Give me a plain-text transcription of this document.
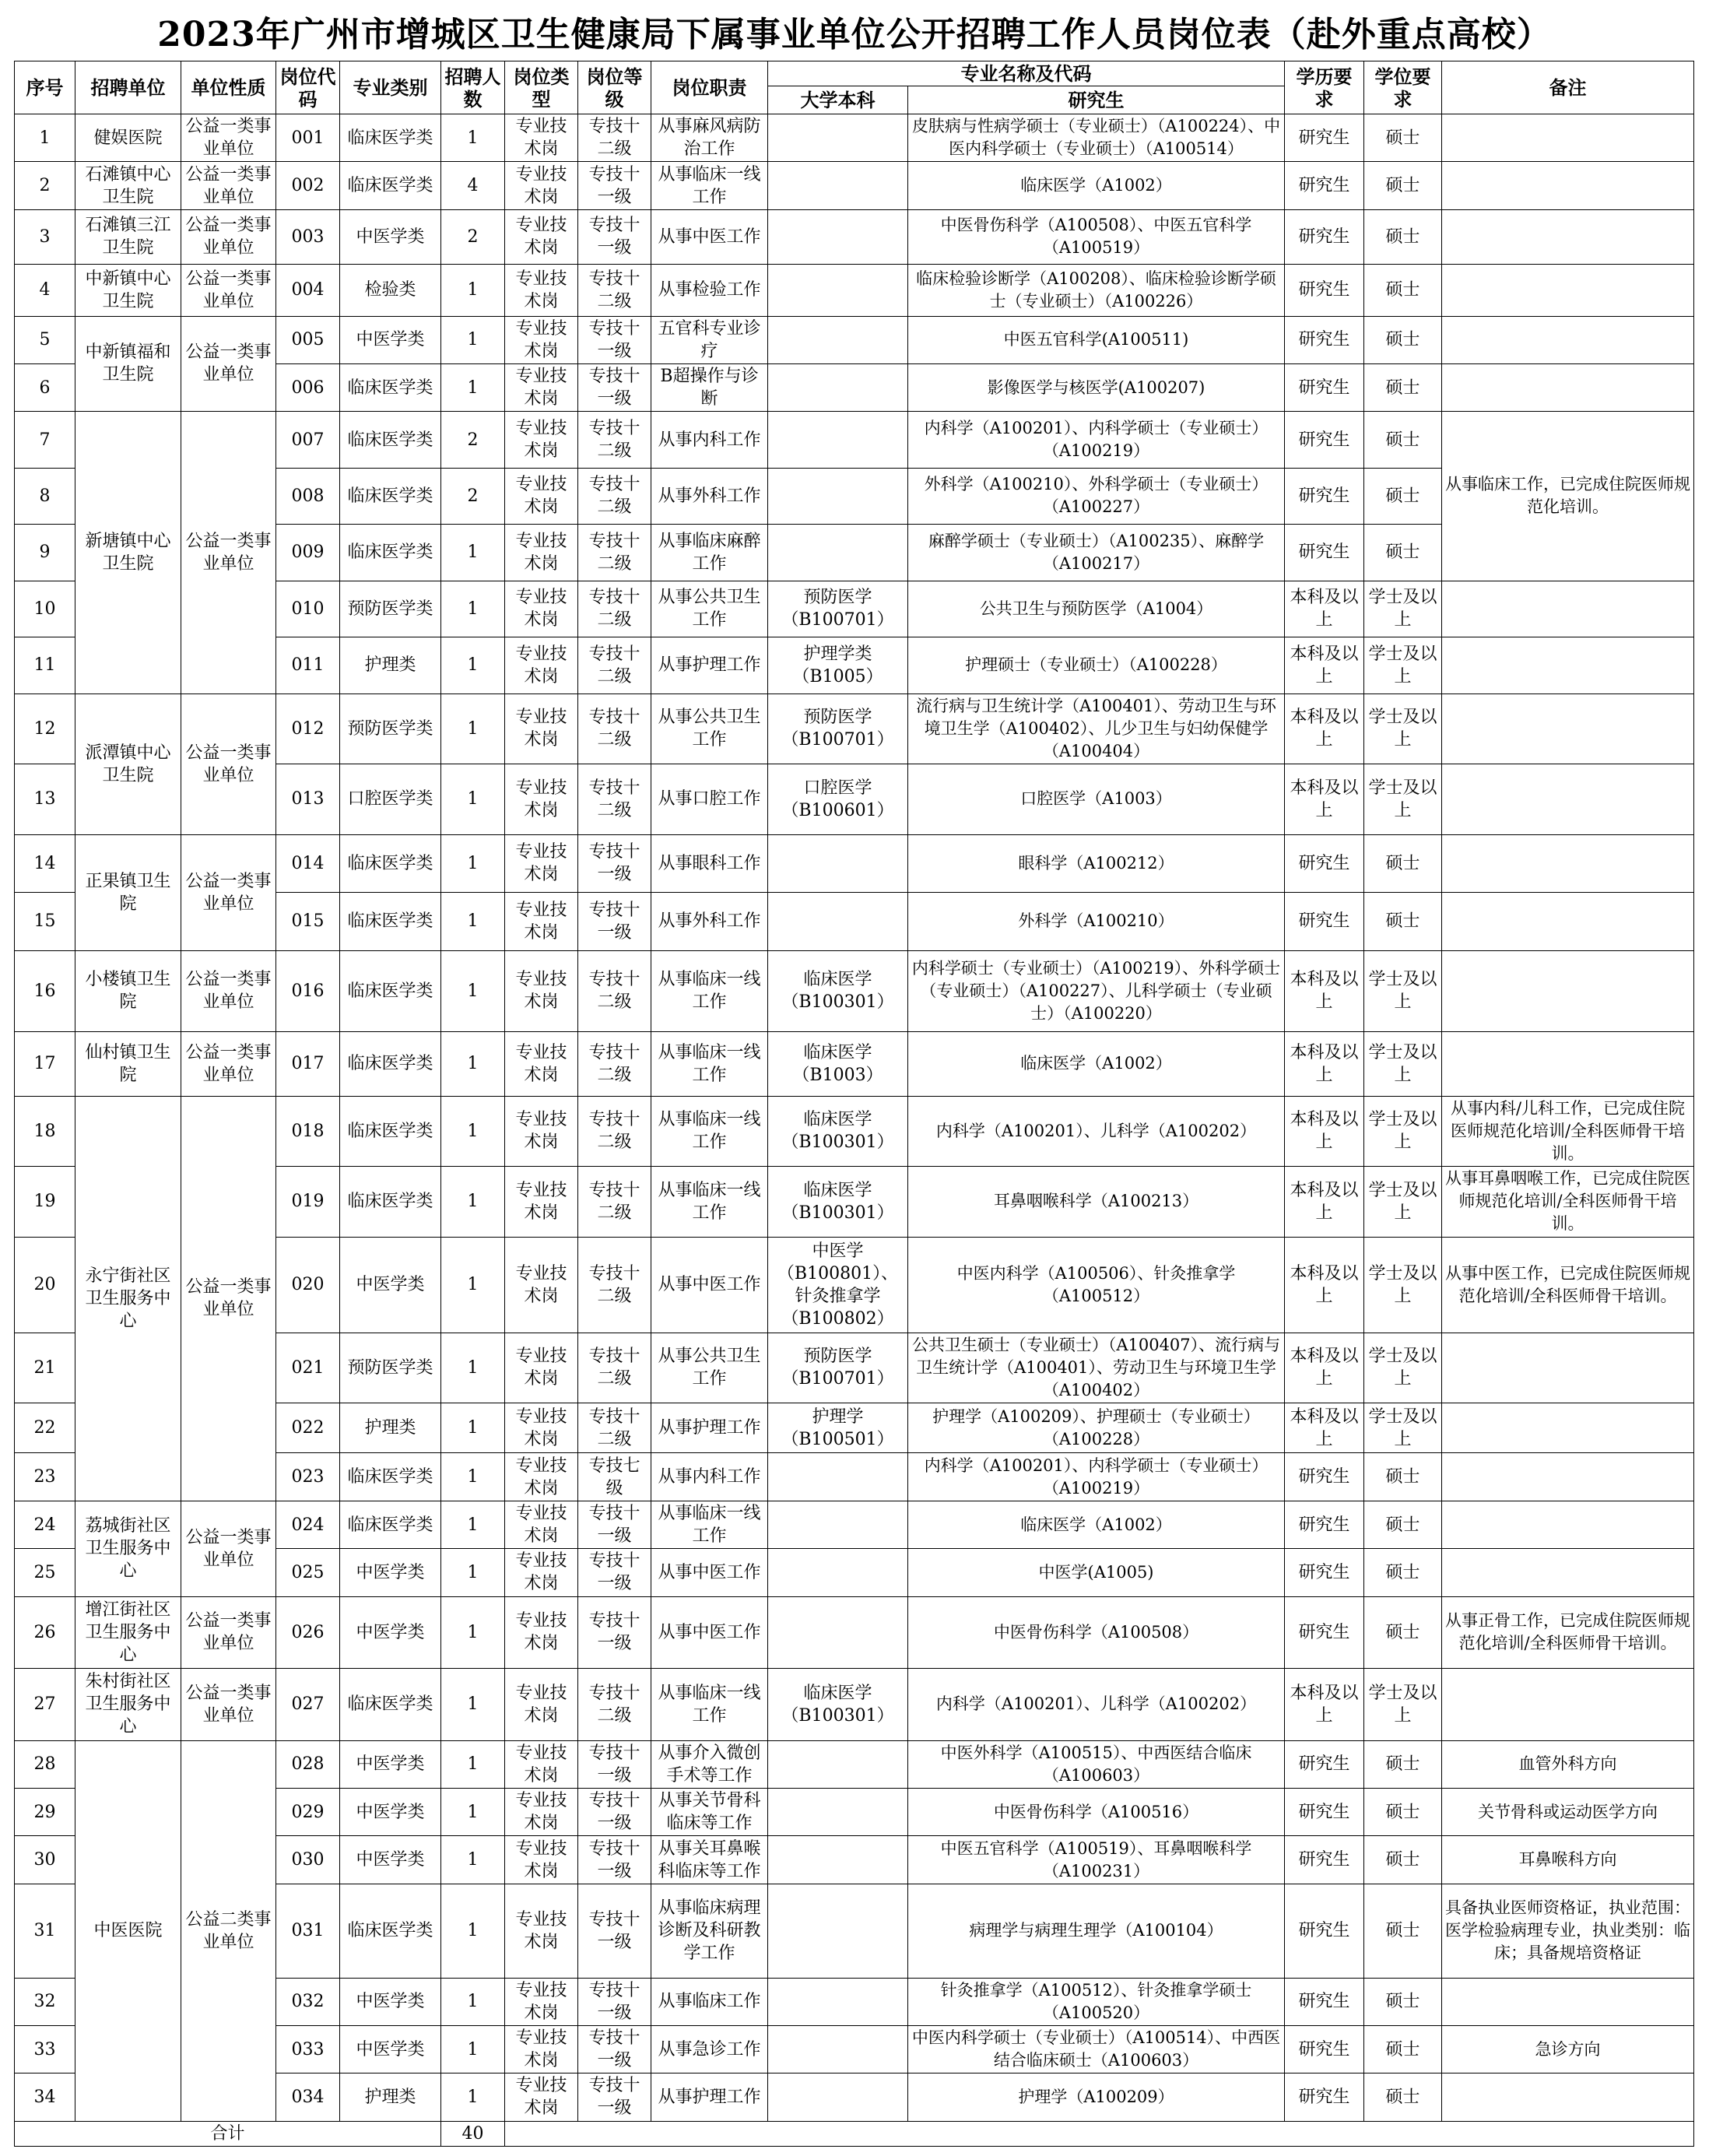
2023年广州市增城区卫生健康局下属事业单位公开招聘工作人员岗位表（赴外重点高校）
序号	招聘单位	单位性质	岗位代码	专业类别	招聘人数	岗位类型	岗位等级	岗位职责	专业名称及代码		学历要求	学位要求	备注
									大学本科	研究生			
1	健娱医院	公益一类事业单位	001	临床医学类	1	专业技术岗	专技十二级	从事麻风病防治工作		皮肤病与性病学硕士（专业硕士）（A100224）、中医内科学硕士（专业硕士）（A100514）	研究生	硕士	
2	石滩镇中心卫生院	公益一类事业单位	002	临床医学类	4	专业技术岗	专技十一级	从事临床一线工作		临床医学（A1002）	研究生	硕士	
3	石滩镇三江卫生院	公益一类事业单位	003	中医学类	2	专业技术岗	专技十一级	从事中医工作		中医骨伤科学（A100508）、中医五官科学（A100519）	研究生	硕士	
4	中新镇中心卫生院	公益一类事业单位	004	检验类	1	专业技术岗	专技十二级	从事检验工作		临床检验诊断学（A100208）、临床检验诊断学硕士（专业硕士）（A100226）	研究生	硕士	
5	中新镇福和卫生院	公益一类事业单位	005	中医学类	1	专业技术岗	专技十一级	五官科专业诊疗		中医五官科学(A100511)	研究生	硕士	
6			006	临床医学类	1	专业技术岗	专技十一级	B超操作与诊断		影像医学与核医学(A100207)	研究生	硕士	
7	新塘镇中心卫生院	公益一类事业单位	007	临床医学类	2	专业技术岗	专技十二级	从事内科工作		内科学（A100201）、内科学硕士（专业硕士）（A100219）	研究生	硕士	从事临床工作，已完成住院医师规范化培训。
8			008	临床医学类	2	专业技术岗	专技十二级	从事外科工作		外科学（A100210）、外科学硕士（专业硕士）（A100227）	研究生	硕士	
9			009	临床医学类	1	专业技术岗	专技十二级	从事临床麻醉工作		麻醉学硕士（专业硕士）（A100235）、麻醉学（A100217）	研究生	硕士	
10			010	预防医学类	1	专业技术岗	专技十二级	从事公共卫生工作	预防医学（B100701）	公共卫生与预防医学（A1004）	本科及以上	学士及以上	
11			011	护理类	1	专业技术岗	专技十二级	从事护理工作	护理学类（B1005）	护理硕士（专业硕士）（A100228）	本科及以上	学士及以上	
12	派潭镇中心卫生院	公益一类事业单位	012	预防医学类	1	专业技术岗	专技十二级	从事公共卫生工作	预防医学（B100701）	流行病与卫生统计学（A100401）、劳动卫生与环境卫生学（A100402）、儿少卫生与妇幼保健学（A100404）	本科及以上	学士及以上	
13			013	口腔医学类	1	专业技术岗	专技十二级	从事口腔工作	口腔医学（B100601）	口腔医学（A1003）	本科及以上	学士及以上	
14	正果镇卫生院	公益一类事业单位	014	临床医学类	1	专业技术岗	专技十一级	从事眼科工作		眼科学（A100212）	研究生	硕士	
15			015	临床医学类	1	专业技术岗	专技十一级	从事外科工作		外科学（A100210）	研究生	硕士	
16	小楼镇卫生院	公益一类事业单位	016	临床医学类	1	专业技术岗	专技十二级	从事临床一线工作	临床医学（B100301）	内科学硕士（专业硕士）（A100219）、外科学硕士（专业硕士）（A100227）、儿科学硕士（专业硕士）（A100220）	本科及以上	学士及以上	
17	仙村镇卫生院	公益一类事业单位	017	临床医学类	1	专业技术岗	专技十二级	从事临床一线工作	临床医学（B1003）	临床医学（A1002）	本科及以上	学士及以上	
18	永宁街社区卫生服务中心	公益一类事业单位	018	临床医学类	1	专业技术岗	专技十二级	从事临床一线工作	临床医学（B100301）	内科学（A100201）、儿科学（A100202）	本科及以上	学士及以上	从事内科/儿科工作，已完成住院医师规范化培训/全科医师骨干培训。
19			019	临床医学类	1	专业技术岗	专技十二级	从事临床一线工作	临床医学（B100301）	耳鼻咽喉科学（A100213）	本科及以上	学士及以上	从事耳鼻咽喉工作，已完成住院医师规范化培训/全科医师骨干培训。
20			020	中医学类	1	专业技术岗	专技十二级	从事中医工作	中医学（B100801）、针灸推拿学（B100802）	中医内科学（A100506）、针灸推拿学（A100512）	本科及以上	学士及以上	从事中医工作，已完成住院医师规范化培训/全科医师骨干培训。
21			021	预防医学类	1	专业技术岗	专技十二级	从事公共卫生工作	预防医学（B100701）	公共卫生硕士（专业硕士）（A100407）、流行病与卫生统计学（A100401）、劳动卫生与环境卫生学（A100402）	本科及以上	学士及以上	
22			022	护理类	1	专业技术岗	专技十二级	从事护理工作	护理学（B100501）	护理学（A100209）、护理硕士（专业硕士）（A100228）	本科及以上	学士及以上	
23			023	临床医学类	1	专业技术岗	专技七级	从事内科工作		内科学（A100201）、内科学硕士（专业硕士）（A100219）	研究生	硕士	
24	荔城街社区卫生服务中心	公益一类事业单位	024	临床医学类	1	专业技术岗	专技十一级	从事临床一线工作		临床医学（A1002）	研究生	硕士	
25			025	中医学类	1	专业技术岗	专技十一级	从事中医工作		中医学(A1005)	研究生	硕士	
26	增江街社区卫生服务中心	公益一类事业单位	026	中医学类	1	专业技术岗	专技十一级	从事中医工作		中医骨伤科学（A100508）	研究生	硕士	从事正骨工作，已完成住院医师规范化培训/全科医师骨干培训。
27	朱村街社区卫生服务中心	公益一类事业单位	027	临床医学类	1	专业技术岗	专技十二级	从事临床一线工作	临床医学（B100301）	内科学（A100201）、儿科学（A100202）	本科及以上	学士及以上	
28	中医医院	公益二类事业单位	028	中医学类	1	专业技术岗	专技十一级	从事介入微创手术等工作		中医外科学（A100515）、中西医结合临床（A100603）	研究生	硕士	血管外科方向
29			029	中医学类	1	专业技术岗	专技十一级	从事关节骨科临床等工作		中医骨伤科学（A100516）	研究生	硕士	关节骨科或运动医学方向
30			030	中医学类	1	专业技术岗	专技十一级	从事关耳鼻喉科临床等工作		中医五官科学（A100519）、耳鼻咽喉科学（A100231）	研究生	硕士	耳鼻喉科方向
31			031	临床医学类	1	专业技术岗	专技十一级	从事临床病理诊断及科研教学工作		病理学与病理生理学（A100104）	研究生	硕士	具备执业医师资格证，执业范围：医学检验病理专业，执业类别：临床；具备规培资格证
32			032	中医学类	1	专业技术岗	专技十一级	从事临床工作		针灸推拿学（A100512）、针灸推拿学硕士（A100520）	研究生	硕士	
33			033	中医学类	1	专业技术岗	专技十一级	从事急诊工作		中医内科学硕士（专业硕士）（A100514）、中西医结合临床硕士（A100603）	研究生	硕士	急诊方向
34			034	护理类	1	专业技术岗	专技十一级	从事护理工作		护理学（A100209）	研究生	硕士	
合计					40								
